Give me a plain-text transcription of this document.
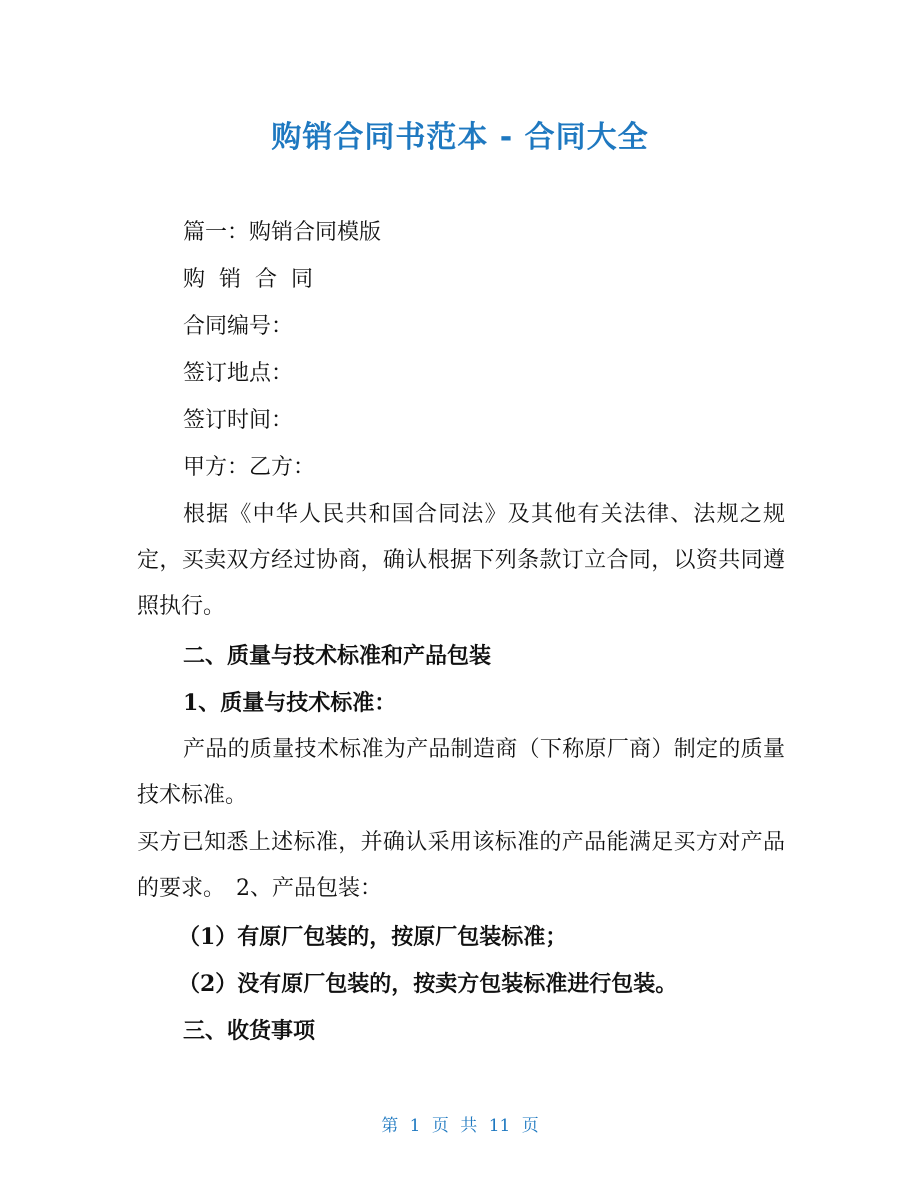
购销合同书范本 - 合同大全
篇一：购销合同模版
购销合同
合同编号：
签订地点：
签订时间：
甲方：乙方：
根据《中华人民共和国合同法》及其他有关法律、法规之规定，买卖双方经过协商，确认根据下列条款订立合同，以资共同遵照执行。
二、质量与技术标准和产品包装
1、质量与技术标准：
产品的质量技术标准为产品制造商（下称原厂商）制定的质量技术标准。
买方已知悉上述标准，并确认采用该标准的产品能满足买方对产品的要求。　2、产品包装：
（1）有原厂包装的，按原厂包装标准；
（2）没有原厂包装的，按卖方包装标准进行包装。
三、收货事项
第 1 页 共 11 页
